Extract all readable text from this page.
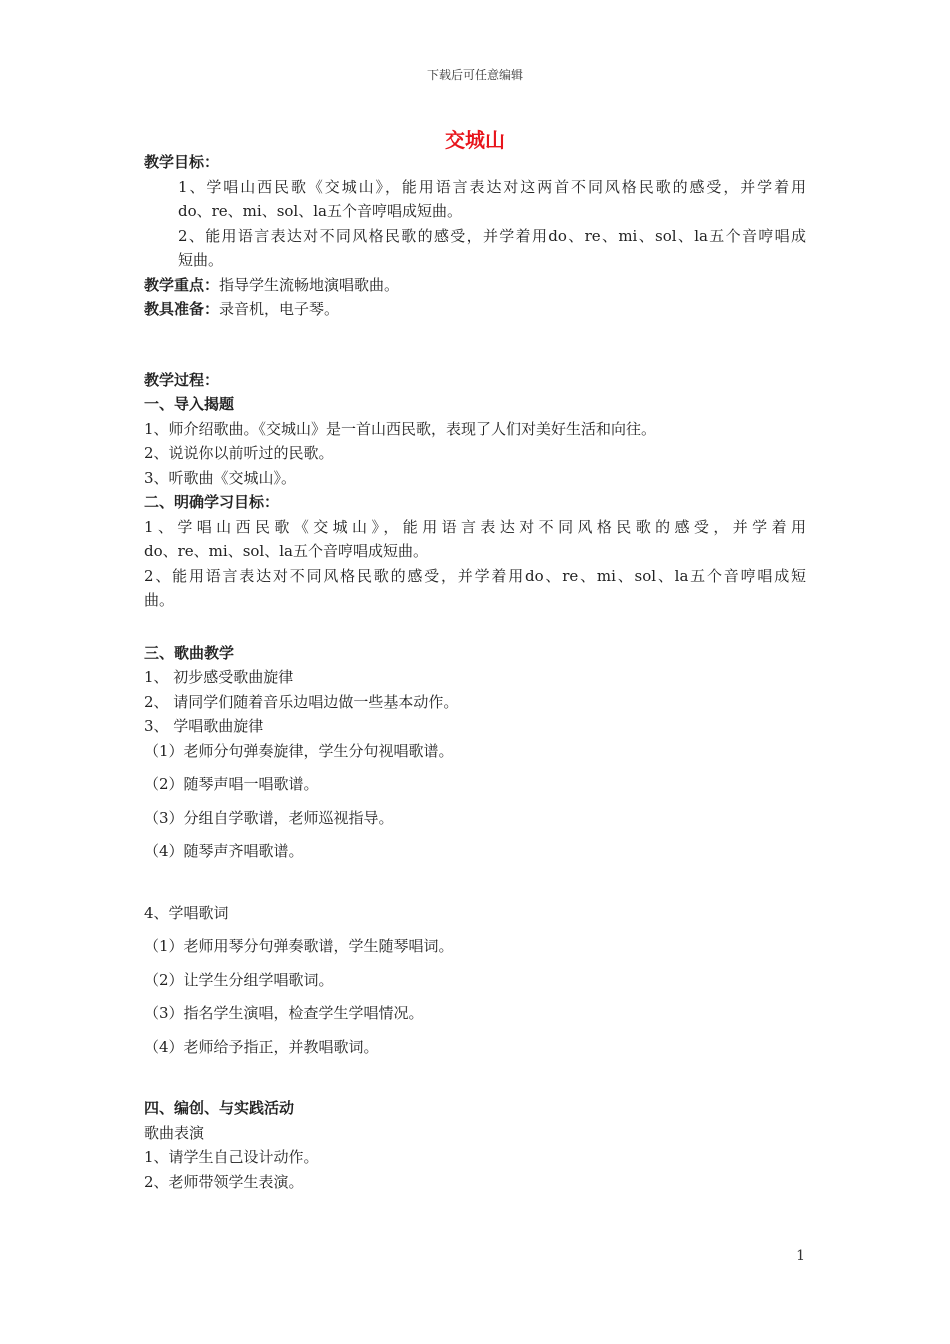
下载后可任意编辑
交城山
教学目标：
1、学唱山西民歌《交城山》，能用语言表达对这两首不同风格民歌的感受，并学着用
do、re、mi、sol、la五个音哼唱成短曲。
2、能用语言表达对不同风格民歌的感受，并学着用do、re、mi、sol、la五个音哼唱成
短曲。
教学重点：指导学生流畅地演唱歌曲。
教具准备：录音机，电子琴。
教学过程：
一、导入揭题
1、师介绍歌曲。《交城山》是一首山西民歌，表现了人们对美好生活和向往。
2、说说你以前听过的民歌。
3、听歌曲《交城山》。
二、明确学习目标：
1、学唱山西民歌《交城山》，能用语言表达对不同风格民歌的感受，并学着用
do、re、mi、sol、la五个音哼唱成短曲。
2、能用语言表达对不同风格民歌的感受，并学着用do、re、mi、sol、la五个音哼唱成短
曲。
三、歌曲教学
1、 初步感受歌曲旋律
2、 请同学们随着音乐边唱边做一些基本动作。
3、 学唱歌曲旋律
（1）老师分句弹奏旋律，学生分句视唱歌谱。
（2）随琴声唱一唱歌谱。
（3）分组自学歌谱，老师巡视指导。
（4）随琴声齐唱歌谱。
4、学唱歌词
（1）老师用琴分句弹奏歌谱，学生随琴唱词。
（2）让学生分组学唱歌词。
（3）指名学生演唱，检查学生学唱情况。
（4）老师给予指正，并教唱歌词。
四、编创、与实践活动
歌曲表演
1、请学生自己设计动作。
2、老师带领学生表演。
1
